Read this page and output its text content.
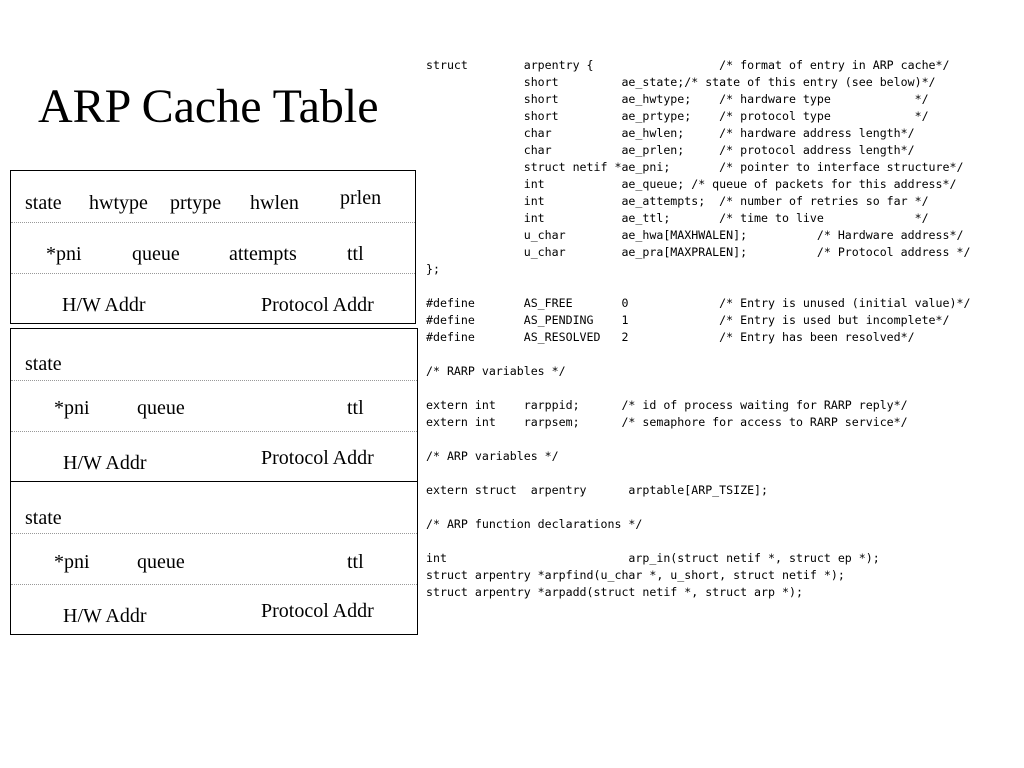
ARP Cache Table
state hwtype prtype hwlen prlen
*pni	queue attempts	ttl
H/W Addr	Protocol Addr
state
*pni queue	ttl
H/W Addr	Protocol Addr
state
*pni queue	ttl
H/W Addr	Protocol Addr
struct        arpentry {                  /* format of entry in ARP cache*/
short         ae_state;/* state of this entry (see below)*/
short         ae_hwtype;    /* hardware type            */
short         ae_prtype;    /* protocol type            */
char          ae_hwlen;     /* hardware address length*/
char          ae_prlen;     /* protocol address length*/
struct netif *ae_pni;       /* pointer to interface structure*/
int           ae_queue; /* queue of packets for this address*/
int           ae_attempts;  /* number of retries so far */
int           ae_ttl;       /* time to live             */
u_char        ae_hwa[MAXHWALEN];          /* Hardware address*/
u_char        ae_pra[MAXPRALEN];          /* Protocol address */
};
#define       AS_FREE       0             /* Entry is unused (initial value)*/
#define       AS_PENDING    1             /* Entry is used but incomplete*/
#define       AS_RESOLVED   2             /* Entry has been resolved*/
/* RARP variables */
extern int    rarppid;      /* id of process waiting for RARP reply*/
extern int    rarpsem;      /* semaphore for access to RARP service*/
/* ARP variables */
extern struct  arpentry      arptable[ARP_TSIZE];
/* ARP function declarations */
int                          arp_in(struct netif *, struct ep *);
struct arpentry *arpfind(u_char *, u_short, struct netif *);
struct arpentry *arpadd(struct netif *, struct arp *);
